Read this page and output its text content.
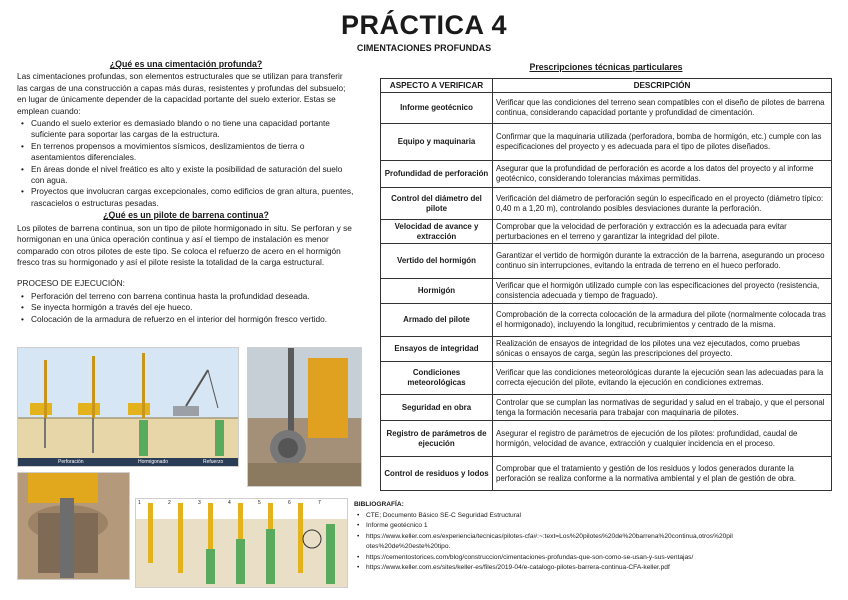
PRÁCTICA 4
CIMENTACIONES PROFUNDAS
¿Qué es una cimentación profunda?
Las cimentaciones profundas, son elementos estructurales que se utilizan para transferir las cargas de una construcción a capas más duras, resistentes y profundas del subsuelo; en lugar de únicamente depender de la capacidad portante del suelo exterior. Estas se emplean cuando:
• Cuando el suelo exterior es demasiado blando o no tiene una capacidad portante suficiente para soportar las cargas de la estructura.
• En terrenos propensos a movimientos sísmicos, deslizamientos de tierra o asentamientos diferenciales.
• En áreas donde el nivel freático es alto y existe la posibilidad de saturación del suelo con agua.
• Proyectos que involucran cargas excepcionales, como edificios de gran altura, puentes, rascacielos o estructuras pesadas.
¿Qué es un pilote de barrena continua?
Los pilotes de barrena continua, son un tipo de pilote hormigonado in situ. Se perforan y se hormigonan en una única operación continua y así el tiempo de instalación es menor comparado con otros pilotes de este tipo. Se coloca el refuerzo de acero en el hormigón fresco tras su hormigonado y así el pilote resiste la totalidad de la carga estructural.
PROCESO DE EJECUCIÓN:
• Perforación del terreno con barrena continua hasta la profundidad deseada.
• Se inyecta hormigón a través del eje hueco.
• Colocación de la armadura de refuerzo en el interior del hormigón fresco vertido.
Perforación	Hormigonado	Refuerzo
1	2	3	4	5	6	7
Prescripciones técnicas particulares
ASPECTO A VERIFICAR	DESCRIPCIÓN
Informe geotécnico	Verificar que las condiciones del terreno sean compatibles con el diseño de pilotes de barrena continua, considerando capacidad portante y profundidad de cimentación.
Equipo y maquinaria	Confirmar que la maquinaria utilizada (perforadora, bomba de hormigón, etc.) cumple con las especificaciones del proyecto y es adecuada para el tipo de pilotes diseñados.
Profundidad de perforación	Asegurar que la profundidad de perforación es acorde a los datos del proyecto y al informe geotécnico, considerando tolerancias máximas permitidas.
Control del diámetro del pilote	Verificación del diámetro de perforación según lo especificado en el proyecto (diámetro típico: 0,40 m a 1,20 m), controlando posibles desviaciones durante la perforación.
Velocidad de avance y extracción	Comprobar que la velocidad de perforación y extracción es la adecuada para evitar perturbaciones en el terreno y garantizar la integridad del pilote.
Vertido del hormigón	Garantizar el vertido de hormigón durante la extracción de la barrena, asegurando un proceso continuo sin interrupciones, evitando la entrada de terreno en el hueco perforado.
Hormigón	Verificar que el hormigón utilizado cumple con las especificaciones del proyecto (resistencia, consistencia adecuada y tiempo de fraguado).
Armado del pilote	Comprobación de la correcta colocación de la armadura del pilote (normalmente colocada tras el hormigonado), incluyendo la longitud, recubrimientos y centrado de la misma.
Ensayos de integridad	Realización de ensayos de integridad de los pilotes una vez ejecutados, como pruebas sónicas o ensayos de carga, según las prescripciones del proyecto.
Condiciones meteorológicas	Verificar que las condiciones meteorológicas durante la ejecución sean las adecuadas para la correcta ejecución del pilote, evitando la ejecución en condiciones extremas.
Seguridad en obra	Controlar que se cumplan las normativas de seguridad y salud en el trabajo, y que el personal tenga la formación necesaria para trabajar con maquinaria de pilotes.
Registro de parámetros de ejecución	Asegurar el registro de parámetros de ejecución de los pilotes: profundidad, caudal de hormigón, velocidad de avance, extracción y cualquier incidencia en el proceso.
Control de residuos y lodos	Comprobar que el tratamiento y gestión de los residuos y lodos generados durante la perforación se realiza conforme a la normativa ambiental y el plan de gestión de obra.
BIBLIOGRAFÍA:
• CTE; Documento Básico SE-C Seguridad Estructural
• Informe geotécnico 1
• https://www.keller.com.es/experiencia/tecnicas/pilotes-cfa#:~:text=Los%20pilotes%20de%20barrena%20continua,otros%20pilotes%20de%20este%20tipo.
• https://cementostorices.com/blog/construccion/cimentaciones-profundas-que-son-como-se-usan-y-sus-ventajas/
• https://www.keller.com.es/sites/keller-es/files/2019-04/e-catalogo-pilotes-barrera-continua-CFA-keller.pdf
